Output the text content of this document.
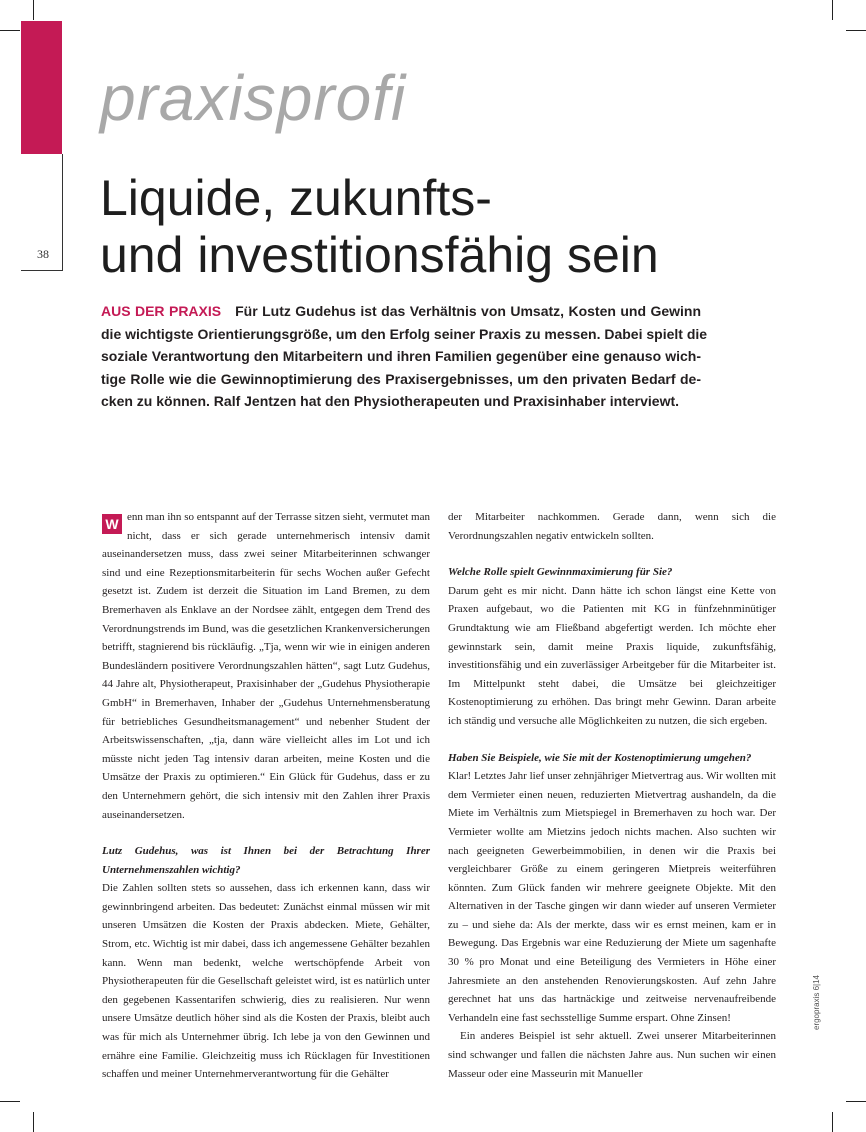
38
praxisprofi
Liquide, zukunfts-
und investitionsfähig sein
AUS DER PRAXIS Für Lutz Gudehus ist das Verhältnis von Umsatz, Kosten und Gewinn
die wichtigste Orientierungsgröße, um den Erfolg seiner Praxis zu messen. Dabei spielt die
soziale Verantwortung den Mitarbeitern und ihren Familien gegenüber eine genauso wich-
tige Rolle wie die Gewinnoptimierung des Praxisergebnisses, um den privaten Bedarf de-
cken zu können. Ralf Jentzen hat den Physiotherapeuten und Praxisinhaber interviewt.

W enn man ihn so entspannt auf der Terrasse sitzen sieht, vermutet man nicht, dass er sich gerade unternehmerisch intensiv damit auseinandersetzen muss, dass zwei seiner Mitarbeiterinnen schwanger sind und eine Rezeptionsmitarbeiterin für sechs Wochen außer Gefecht gesetzt ist. Zudem ist derzeit die Situation im Land Bremen, zu dem Bremerhaven als Enklave an der Nordsee zählt, entgegen dem Trend des Verordnungstrends im Bund, was die gesetzlichen Krankenversicherungen betrifft, stagnierend bis rückläufig. „Tja, wenn wir wie in einigen anderen Bundesländern positivere Verordnungszahlen hätten“, sagt Lutz Gudehus, 44 Jahre alt, Physiotherapeut, Praxisinhaber der „Gudehus Physiotherapie GmbH“ in Bremerhaven, Inhaber der „Gudehus Unternehmensberatung für betriebliches Gesundheitsmanagement“ und nebenher Student der Arbeitswissenschaften, „tja, dann wäre vielleicht alles im Lot und ich müsste nicht jeden Tag intensiv daran arbeiten, meine Kosten und die Umsätze der Praxis zu optimieren.“ Ein Glück für Gudehus, dass er zu den Unternehmern gehört, die sich intensiv mit den Zahlen ihrer Praxis auseinandersetzen.

Lutz Gudehus, was ist Ihnen bei der Betrachtung Ihrer Unternehmenszahlen wichtig?

Die Zahlen sollten stets so aussehen, dass ich erkennen kann, dass wir gewinnbringend arbeiten. Das bedeutet: Zunächst einmal müssen wir mit unseren Umsätzen die Kosten der Praxis abdecken. Miete, Gehälter, Strom, etc. Wichtig ist mir dabei, dass ich angemessene Gehälter bezahlen kann. Wenn man bedenkt, welche wertschöpfende Arbeit von Physiotherapeuten für die Gesellschaft geleistet wird, ist es natürlich unter den gegebenen Kassentarifen schwierig, dies zu realisieren. Nur wenn unsere Umsätze deutlich höher sind als die Kosten der Praxis, bleibt auch was für mich als Unternehmer übrig. Ich lebe ja von den Gewinnen und ernähre eine Familie. Gleichzeitig muss ich Rücklagen für Investitionen schaffen und meiner Unternehmerverantwortung für die Gehälter

der Mitarbeiter nachkommen. Gerade dann, wenn sich die Verordnungszahlen negativ entwickeln sollten.

Welche Rolle spielt Gewinnmaximierung für Sie?

Darum geht es mir nicht. Dann hätte ich schon längst eine Kette von Praxen aufgebaut, wo die Patienten mit KG in fünfzehnminütiger Grundtaktung wie am Fließband abgefertigt werden. Ich möchte eher gewinnstark sein, damit meine Praxis liquide, zukunftsfähig, investitionsfähig und ein zuverlässiger Arbeitgeber für die Mitarbeiter ist. Im Mittelpunkt steht dabei, die Umsätze bei gleichzeitiger Kostenoptimierung zu erhöhen. Das bringt mehr Gewinn. Daran arbeite ich ständig und versuche alle Möglichkeiten zu nutzen, die sich ergeben.

Haben Sie Beispiele, wie Sie mit der Kostenoptimierung umgehen?

Klar! Letztes Jahr lief unser zehnjähriger Mietvertrag aus. Wir wollten mit dem Vermieter einen neuen, reduzierten Mietvertrag aushandeln, da die Miete im Verhältnis zum Mietspiegel in Bremerhaven zu hoch war. Der Vermieter wollte am Mietzins jedoch nichts machen. Also suchten wir nach geeigneten Gewerbeimmobilien, in denen wir die Praxis bei vergleichbarer Größe zu einem geringeren Mietpreis weiterführen könnten. Zum Glück fanden wir mehrere geeignete Objekte. Mit den Alternativen in der Tasche gingen wir dann wieder auf unseren Vermieter zu – und siehe da: Als der merkte, dass wir es ernst meinen, kam er in Bewegung. Das Ergebnis war eine Reduzierung der Miete um sagenhafte 30 % pro Monat und eine Beteiligung des Vermieters in Höhe einer Jahresmiete an den anstehenden Renovierungskosten. Auf zehn Jahre gerechnet hat uns das hartnäckige und zeitweise nervenaufreibende Verhandeln eine fast sechsstellige Summe erspart. Ohne Zinsen!

Ein anderes Beispiel ist sehr aktuell. Zwei unserer Mitarbeiterinnen sind schwanger und fallen die nächsten Jahre aus. Nun suchen wir einen Masseur oder eine Masseurin mit Manueller

ergopraxis 6|14
